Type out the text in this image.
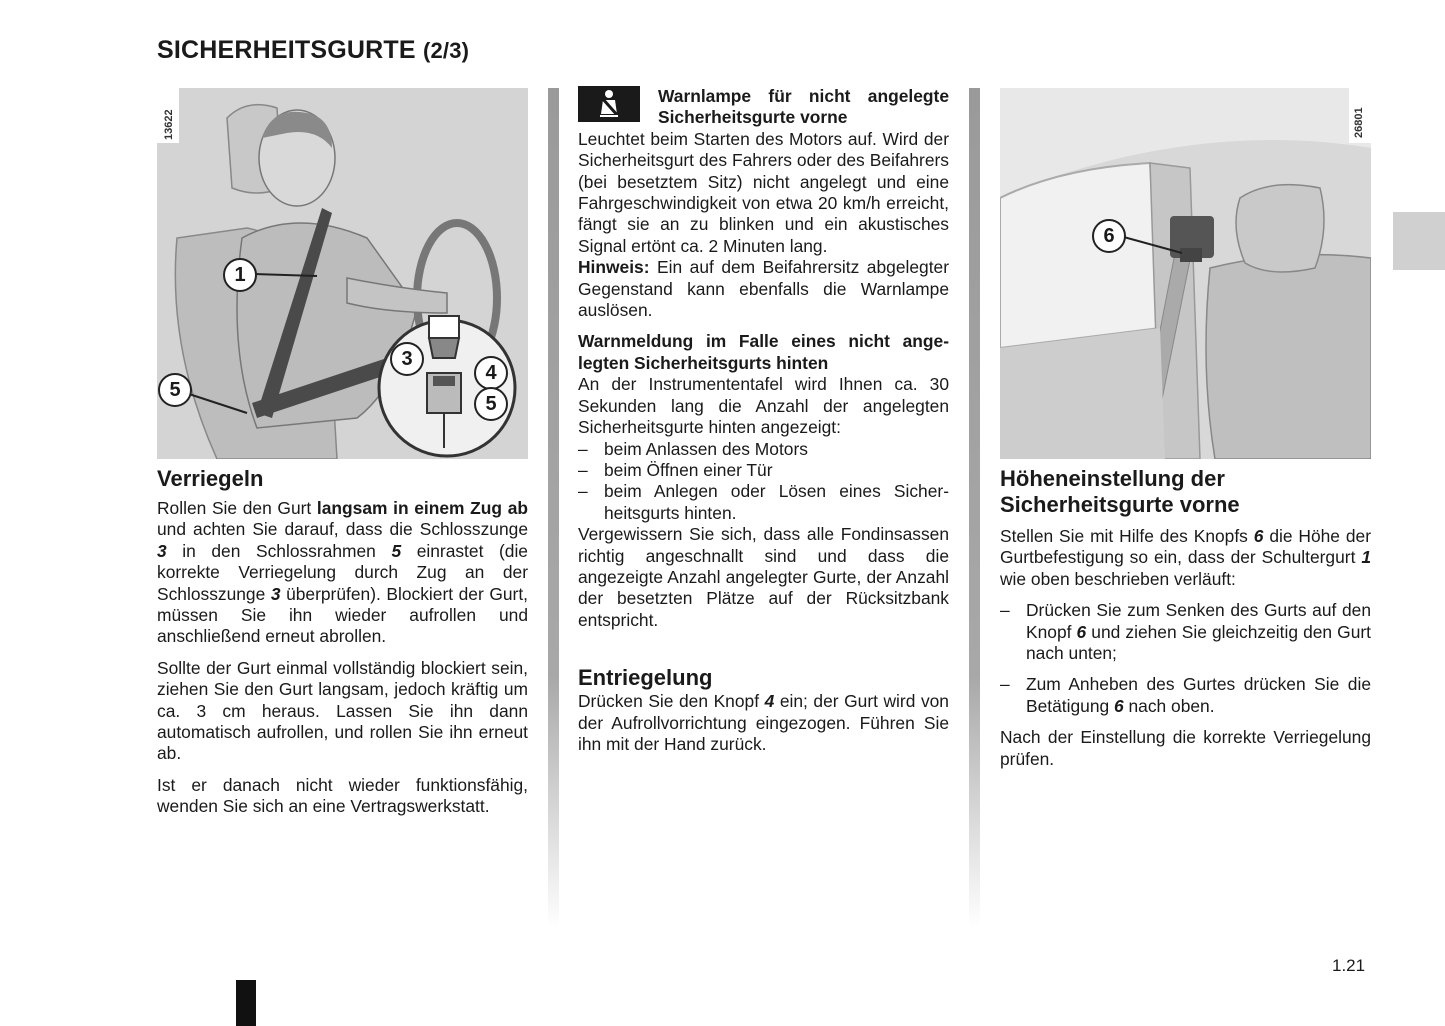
SICHERHEITSGURTE (2/3)
1
3
4
5
5
13622
Verriegeln

Rollen Sie den Gurt langsam in einem Zug ab und achten Sie darauf, dass die Schlosszunge 3 in den Schlossrahmen 5 einrastet (die korrekte Verriegelung durch Zug an der Schlosszunge 3 überprüfen). Blockiert der Gurt, müssen Sie ihn wieder aufrollen und anschließend erneut abrollen.

Sollte der Gurt einmal vollständig blockiert sein, ziehen Sie den Gurt langsam, jedoch kräftig um ca. 3 cm heraus. Lassen Sie ihn dann automatisch aufrollen, und rollen Sie ihn erneut ab.

Ist er danach nicht wieder funktionsfähig, wenden Sie sich an eine Vertragswerkstatt.

Warnlampe für nicht angelegte Sicherheitsgurte vorne

Leuchtet beim Starten des Motors auf. Wird der Sicherheitsgurt des Fahrers oder des Beifahrers (bei besetztem Sitz) nicht angelegt und eine Fahrgeschwindigkeit von etwa 20 km/h erreicht, fängt sie an zu blinken und ein akustisches Signal ertönt ca. 2 Minuten lang.

Hinweis: Ein auf dem Beifahrersitz abgelegter Gegenstand kann ebenfalls die Warnlampe auslösen.

Warnmeldung im Falle eines nicht angelegten Sicherheitsgurts hinten

An der Instrumententafel wird Ihnen ca. 30 Sekunden lang die Anzahl der angelegten Sicherheitsgurte hinten angezeigt:

– beim Anlassen des Motors
– beim Öffnen einer Tür
– beim Anlegen oder Lösen eines Sicherheitsgurts hinten.

Vergewissern Sie sich, dass alle Fondinsassen richtig angeschnallt sind und dass die angezeigte Anzahl angelegter Gurte, der Anzahl der besetzten Plätze auf der Rücksitzbank entspricht.

Entriegelung

Drücken Sie den Knopf 4 ein; der Gurt wird von der Aufrollvorrichtung eingezogen. Führen Sie ihn mit der Hand zurück.

6
26801
Höheneinstellung der Sicherheitsgurte vorne

Stellen Sie mit Hilfe des Knopfs 6 die Höhe der Gurtbefestigung so ein, dass der Schultergurt 1 wie oben beschrieben verläuft:

– Drücken Sie zum Senken des Gurts auf den Knopf 6 und ziehen Sie gleichzeitig den Gurt nach unten;
– Zum Anheben des Gurtes drücken Sie die Betätigung 6 nach oben.

Nach der Einstellung die korrekte Verriegelung prüfen.

1.21
